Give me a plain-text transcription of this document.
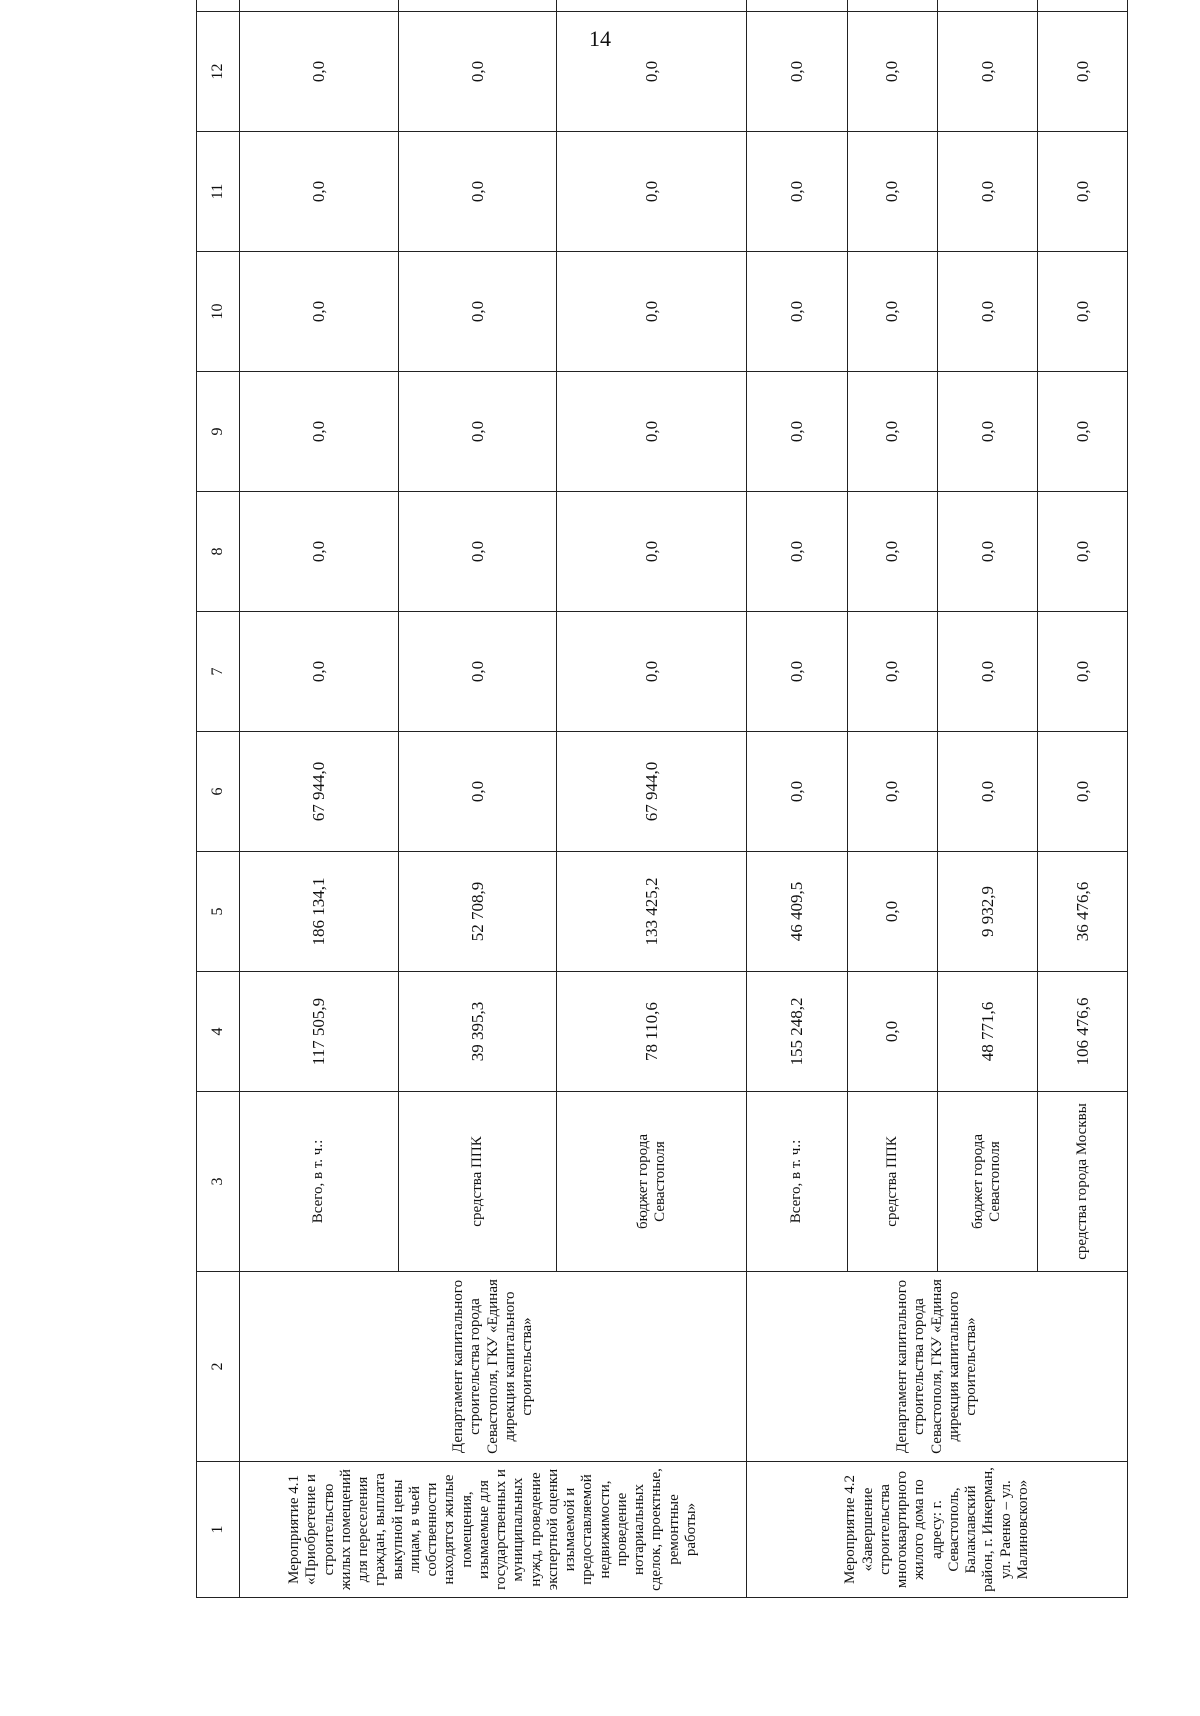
14
1	2	3	4	5	6	7	8	9	10	11	12	
Мероприятие 4.1 «Приобретение и строительство жилых помещений для переселения граждан, выплата выкупной цены лицам, в чьей собственности находятся жилые помещения, изымаемые для государственных и муниципальных нужд, проведение экспертной оценки изымаемой и предоставляемой недвижимости, проведение нотариальных сделок, проектные, ремонтные работы»	Департамент капитального строительства города Севастополя, ГКУ «Единая дирекция капитального строительства»	Всего, в т. ч.:	117 505,9	186 134,1	67 944,0	0,0	0,0	0,0	0,0	0,0	0,0	
		средства ППК	39 395,3	52 708,9	0,0	0,0	0,0	0,0	0,0	0,0	0,0	
		бюджет города Севастополя	78 110,6	133 425,2	67 944,0	0,0	0,0	0,0	0,0	0,0	0,0	
Мероприятие 4.2 «Завершение строительства многоквартирного жилого дома по адресу: г. Севастополь, Балаклавский район, г. Инкерман, ул. Раенко – ул. Малиновского»	Департамент капитального строительства города Севастополя, ГКУ «Единая дирекция капитального строительства»	Всего, в т. ч.:	155 248,2	46 409,5	0,0	0,0	0,0	0,0	0,0	0,0	0,0	
		средства ППК	0,0	0,0	0,0	0,0	0,0	0,0	0,0	0,0	0,0	
		бюджет города Севастополя	48 771,6	9 932,9	0,0	0,0	0,0	0,0	0,0	0,0	0,0	
		средства города Москвы	106 476,6	36 476,6	0,0	0,0	0,0	0,0	0,0	0,0	0,0	
